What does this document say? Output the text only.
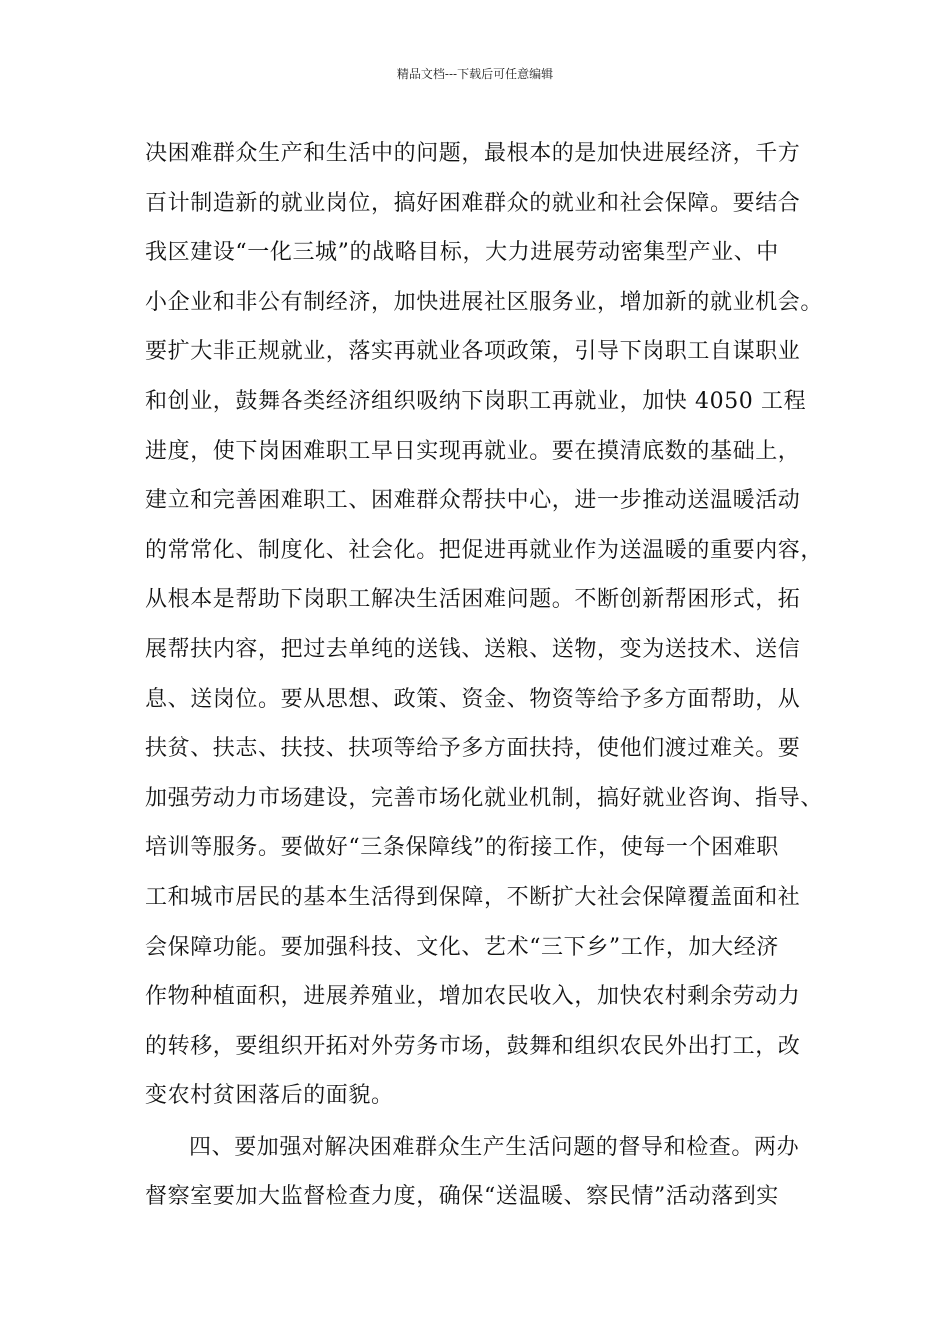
精品文档---下载后可任意编辑
决困难群众生产和生活中的问题，最根本的是加快进展经济，千方
百计制造新的就业岗位，搞好困难群众的就业和社会保障。要结合
我区建设“一化三城”的战略目标，大力进展劳动密集型产业、中
小企业和非公有制经济，加快进展社区服务业，增加新的就业机会。
要扩大非正规就业，落实再就业各项政策，引导下岗职工自谋职业
和创业，鼓舞各类经济组织吸纳下岗职工再就业，加快 4050 工程
进度，使下岗困难职工早日实现再就业。要在摸清底数的基础上，
建立和完善困难职工、困难群众帮扶中心，进一步推动送温暖活动
的常常化、制度化、社会化。把促进再就业作为送温暖的重要内容，
从根本是帮助下岗职工解决生活困难问题。不断创新帮困形式，拓
展帮扶内容，把过去单纯的送钱、送粮、送物，变为送技术、送信
息、送岗位。要从思想、政策、资金、物资等给予多方面帮助，从
扶贫、扶志、扶技、扶项等给予多方面扶持，使他们渡过难关。要
加强劳动力市场建设，完善市场化就业机制，搞好就业咨询、指导、
培训等服务。要做好“三条保障线”的衔接工作，使每一个困难职
工和城市居民的基本生活得到保障，不断扩大社会保障覆盖面和社
会保障功能。要加强科技、文化、艺术“三下乡”工作，加大经济
作物种植面积，进展养殖业，增加农民收入，加快农村剩余劳动力
的转移，要组织开拓对外劳务市场，鼓舞和组织农民外出打工，改
变农村贫困落后的面貌。
四、要加强对解决困难群众生产生活问题的督导和检查。两办
督察室要加大监督检查力度，确保“送温暖、察民情”活动落到实
